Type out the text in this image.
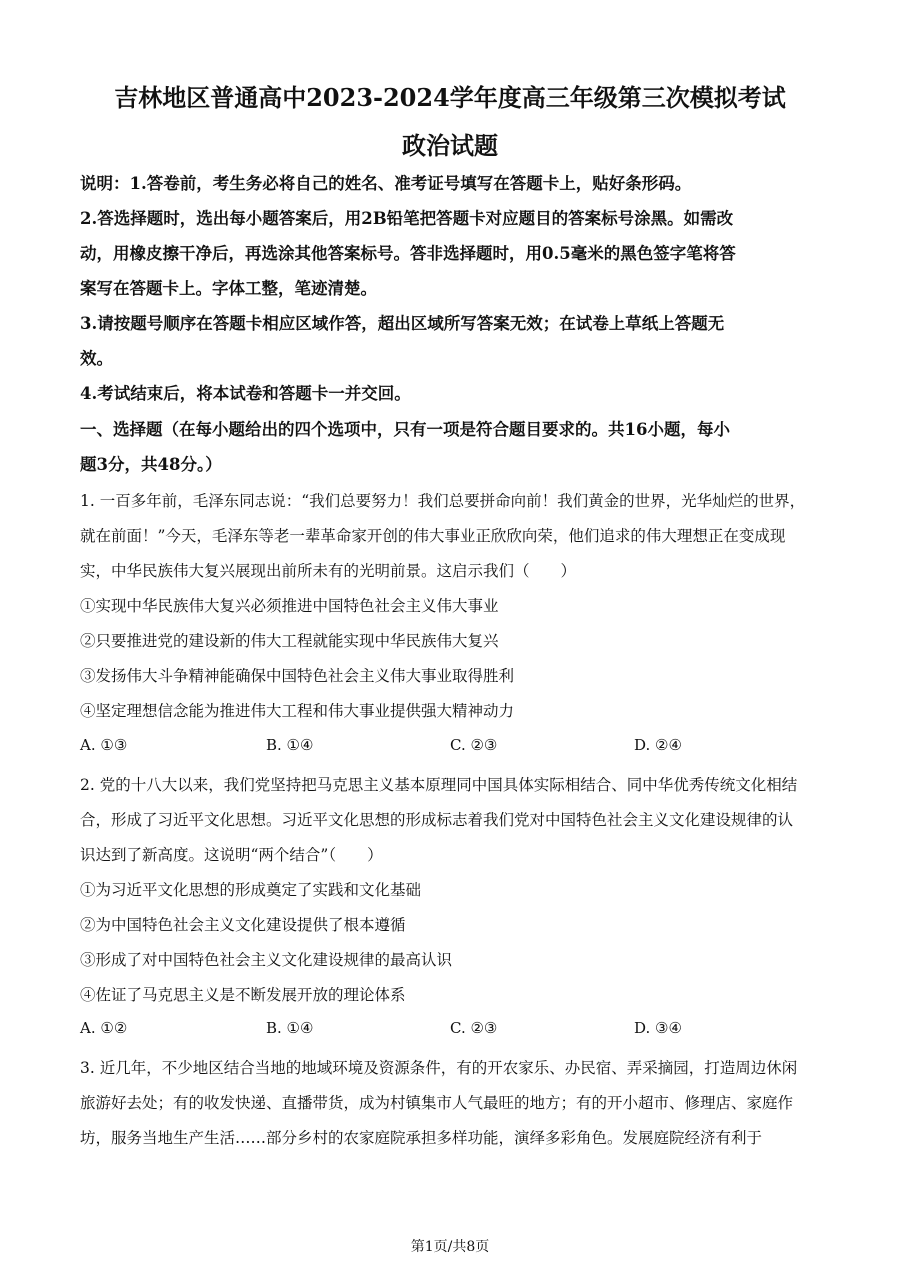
吉林地区普通高中2023-2024学年度高三年级第三次模拟考试
政治试题
说明：1.答卷前，考生务必将自己的姓名、准考证号填写在答题卡上，贴好条形码。
2.答选择题时，选出每小题答案后，用2B铅笔把答题卡对应题目的答案标号涂黑。如需改
动，用橡皮擦干净后，再选涂其他答案标号。答非选择题时，用0.5毫米的黑色签字笔将答
案写在答题卡上。字体工整，笔迹清楚。
3.请按题号顺序在答题卡相应区域作答，超出区域所写答案无效；在试卷上草纸上答题无
效。
4.考试结束后，将本试卷和答题卡一并交回。
一、选择题（在每小题给出的四个选项中，只有一项是符合题目要求的。共16小题，每小
题3分，共48分。）
1. 一百多年前，毛泽东同志说：“我们总要努力！我们总要拼命向前！我们黄金的世界，光华灿烂的世界，
就在前面！”今天，毛泽东等老一辈革命家开创的伟大事业正欣欣向荣，他们追求的伟大理想正在变成现
实，中华民族伟大复兴展现出前所未有的光明前景。这启示我们（　　）
①实现中华民族伟大复兴必须推进中国特色社会主义伟大事业
②只要推进党的建设新的伟大工程就能实现中华民族伟大复兴
③发扬伟大斗争精神能确保中国特色社会主义伟大事业取得胜利
④坚定理想信念能为推进伟大工程和伟大事业提供强大精神动力
A. ①③	B. ①④	C. ②③	D. ②④
2. 党的十八大以来，我们党坚持把马克思主义基本原理同中国具体实际相结合、同中华优秀传统文化相结
合，形成了习近平文化思想。习近平文化思想的形成标志着我们党对中国特色社会主义文化建设规律的认
识达到了新高度。这说明“两个结合”（　　）
①为习近平文化思想的形成奠定了实践和文化基础
②为中国特色社会主义文化建设提供了根本遵循
③形成了对中国特色社会主义文化建设规律的最高认识
④佐证了马克思主义是不断发展开放的理论体系
A. ①②	B. ①④	C. ②③	D. ③④
3. 近几年，不少地区结合当地的地域环境及资源条件，有的开农家乐、办民宿、弄采摘园，打造周边休闲
旅游好去处；有的收发快递、直播带货，成为村镇集市人气最旺的地方；有的开小超市、修理店、家庭作
坊，服务当地生产生活……部分乡村的农家庭院承担多样功能，演绎多彩角色。发展庭院经济有利于
第1页/共8页
